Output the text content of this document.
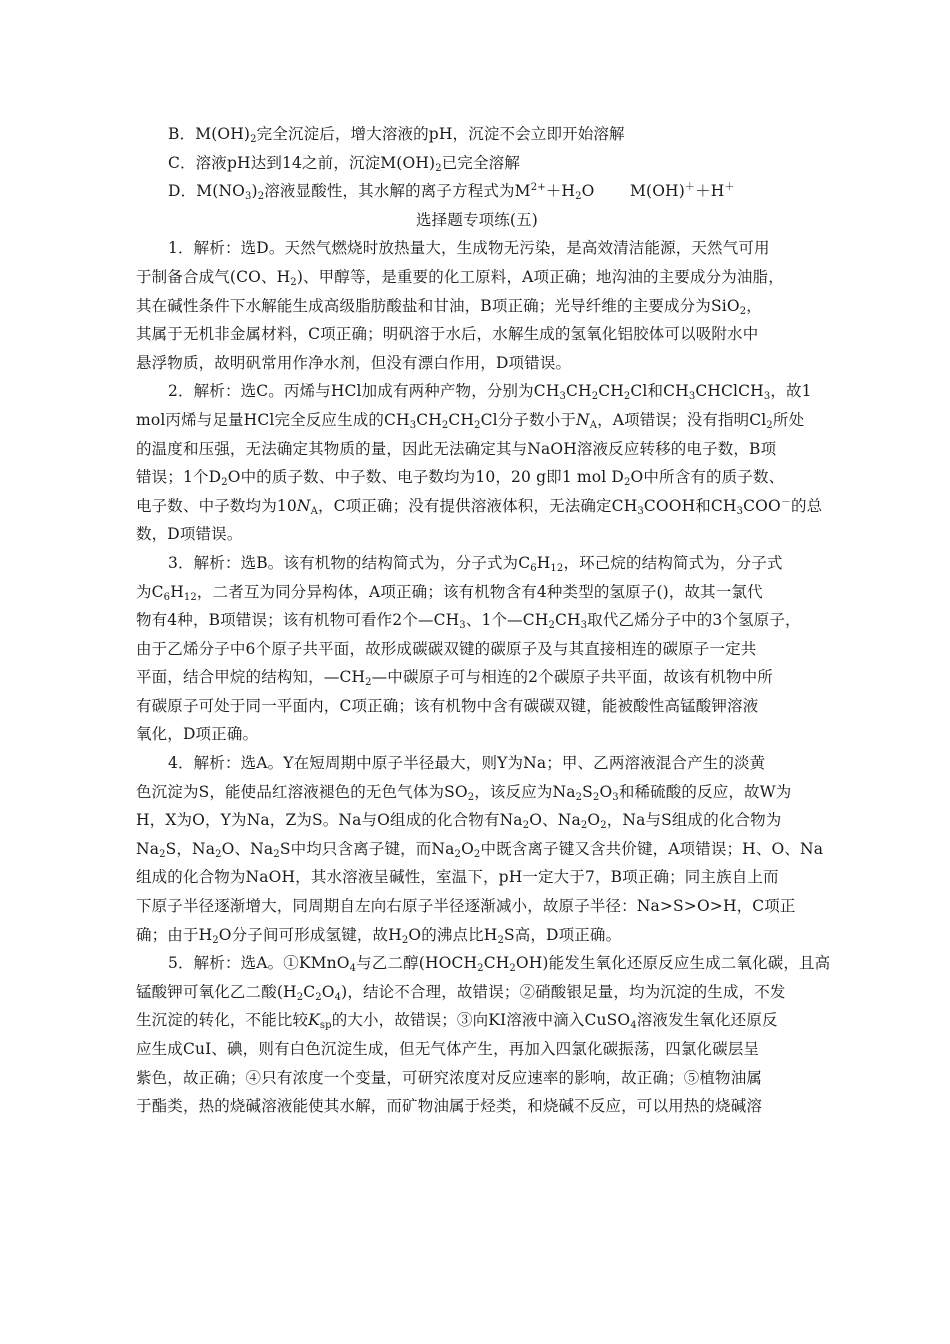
B．$M(OH)_2$完全沉淀后，增大溶液的pH，沉淀不会立即开始溶解
C．溶液pH达到14之前，沉淀$M(OH)_2$已完全溶解
D．$M(NO_3)_2$溶液显酸性，其水解的离子方程式为$M^{2+}+H_2O$       M(OH)＋＋H＋
选择题专项练(五)
1．解析：选D。天然气燃烧时放热量大，生成物无污染，是高效清洁能源，天然气可用
于制备合成气(CO、$H_2$)、甲醇等，是重要的化工原料，A项正确；地沟油的主要成分为油脂，
其在碱性条件下水解能生成高级脂肪酸盐和甘油，B项正确；光导纤维的主要成分为SiO$_2$，
其属于无机非金属材料，C项正确；明矾溶于水后，水解生成的氢氧化铝胶体可以吸附水中
悬浮物质，故明矾常用作净水剂，但没有漂白作用，D项错误。
2．解析：选C。丙烯与HCl加成有两种产物，分别为$CH_3CH_2CH_2Cl$和$CH_3CHClCH_3$，故1
mol丙烯与足量HCl完全反应生成的$CH_3CH_2CH_2Cl$分子数小于$N_A$，A项错误；没有指明$Cl_2$所处
的温度和压强，无法确定其物质的量，因此无法确定其与NaOH溶液反应转移的电子数，B项
错误；1个$D_2O$中的质子数、中子数、电子数均为10，20 g即1 mol $D_2O$中所含有的质子数、
电子数、中子数均为$10N_A$，C项正确；没有提供溶液体积，无法确定$CH_3COOH$和$CH_3COO^-$的总
数，D项错误。
3．解析：选B。该有机物的结构简式为，分子式为$C_6H_{12}$，环己烷的结构简式为，分子式
为$C_6H_{12}$，二者互为同分异构体，A项正确；该有机物含有4种类型的氢原子()，故其一氯代
物有4种，B项错误；该有机物可看作2个$—CH_3$、1个$—CH_2CH_3$取代乙烯分子中的3个氢原子，
由于乙烯分子中6个原子共平面，故形成碳碳双键的碳原子及与其直接相连的碳原子一定共
平面，结合甲烷的结构知，$—CH_2—$中碳原子可与相连的2个碳原子共平面，故该有机物中所
有碳原子可处于同一平面内，C项正确；该有机物中含有碳碳双键，能被酸性高锰酸钾溶液
氧化，D项正确。
4．解析：选A。Y在短周期中原子半径最大，则Y为Na；甲、乙两溶液混合产生的淡黄
色沉淀为S，能使品红溶液褪色的无色气体为$SO_2$，该反应为$Na_2S_2O_3$和稀硫酸的反应，故W为
H，X为O，Y为Na，Z为S。Na与O组成的化合物有$Na_2O$、$Na_2O_2$，Na与S组成的化合物为
$Na_2S$，$Na_2O$、$Na_2S$中均只含离子键，而$Na_2O_2$中既含离子键又含共价键，A项错误；H、O、Na
组成的化合物为NaOH，其水溶液呈碱性，室温下，pH一定大于7，B项正确；同主族自上而
下原子半径逐渐增大，同周期自左向右原子半径逐渐减小，故原子半径：Na>S>O>H，C项正
确；由于$H_2O$分子间可形成氢键，故$H_2O$的沸点比$H_2S$高，D项正确。
5．解析：选A。①KMnO$_4$与乙二醇$(HOCH_2CH_2OH)$能发生氧化还原反应生成二氧化碳，且高
锰酸钾可氧化乙二酸$(H_2C_2O_4)$，结论不合理，故错误；②硝酸银足量，均为沉淀的生成，不发
生沉淀的转化，不能比较$K_{sp}$的大小，故错误；③向KI溶液中滴入CuSO$_4$溶液发生氧化还原反
应生成CuI、碘，则有白色沉淀生成，但无气体产生，再加入四氯化碳振荡，四氯化碳层呈
紫色，故正确；④只有浓度一个变量，可研究浓度对反应速率的影响，故正确；⑤植物油属
于酯类，热的烧碱溶液能使其水解，而矿物油属于烃类，和烧碱不反应，可以用热的烧碱溶
